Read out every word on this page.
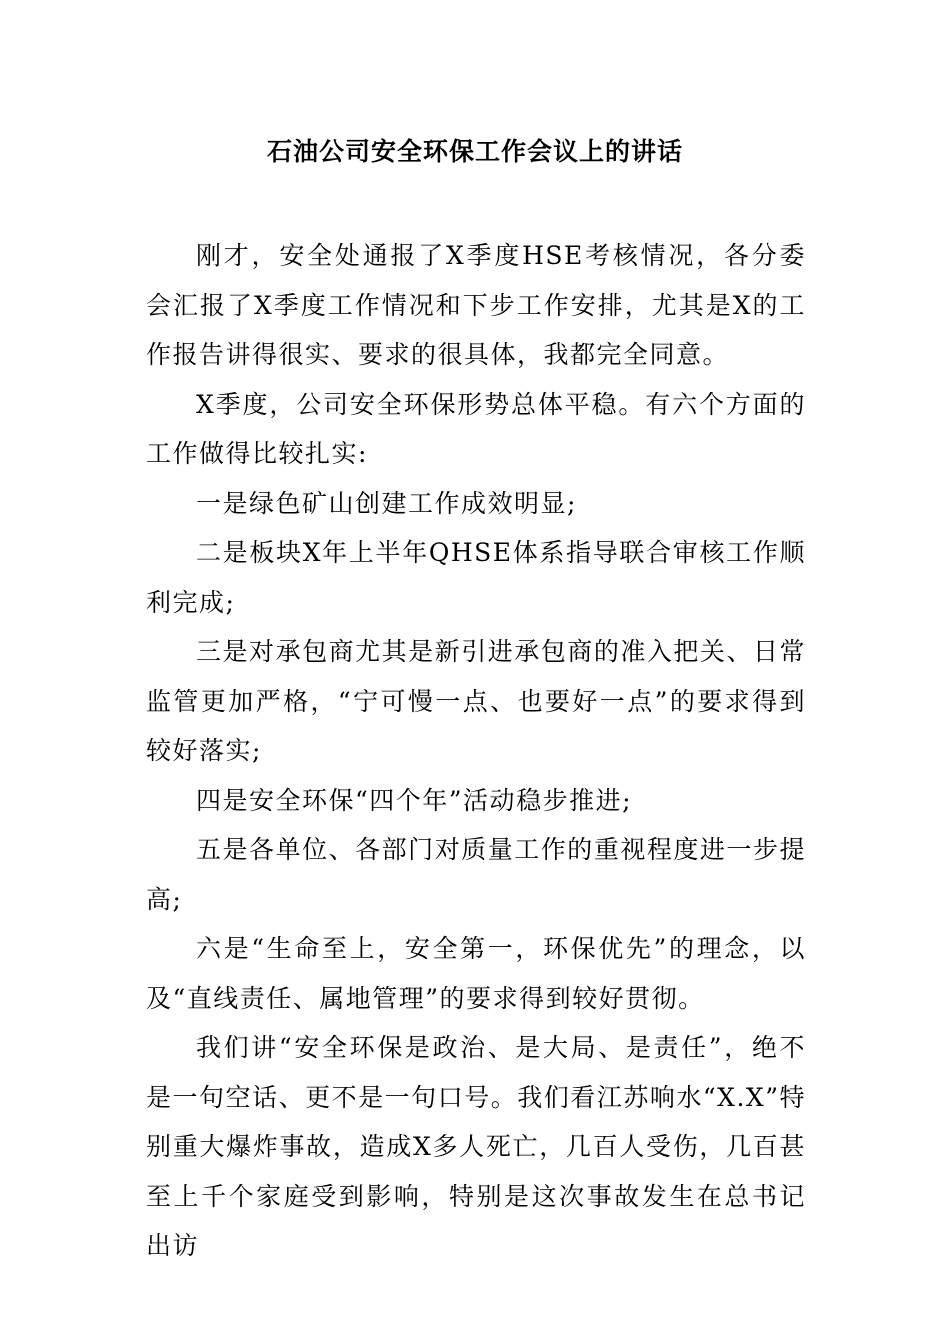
石油公司安全环保工作会议上的讲话

刚才，安全处通报了X季度HSE考核情况，各分委会汇报了X季度工作情况和下步工作安排，尤其是X的工作报告讲得很实、要求的很具体，我都完全同意。

X季度，公司安全环保形势总体平稳。有六个方面的工作做得比较扎实:

一是绿色矿山创建工作成效明显;

二是板块X年上半年QHSE体系指导联合审核工作顺利完成;

三是对承包商尤其是新引进承包商的准入把关、日常监管更加严格，“宁可慢一点、也要好一点”的要求得到较好落实;

四是安全环保“四个年”活动稳步推进;

五是各单位、各部门对质量工作的重视程度进一步提高;

六是“生命至上，安全第一，环保优先”的理念，以及“直线责任、属地管理”的要求得到较好贯彻。

我们讲“安全环保是政治、是大局、是责任”，绝不是一句空话、更不是一句口号。我们看江苏响水“X.X”特别重大爆炸事故，造成X多人死亡，几百人受伤，几百甚至上千个家庭受到影响，特别是这次事故发生在总书记出访
